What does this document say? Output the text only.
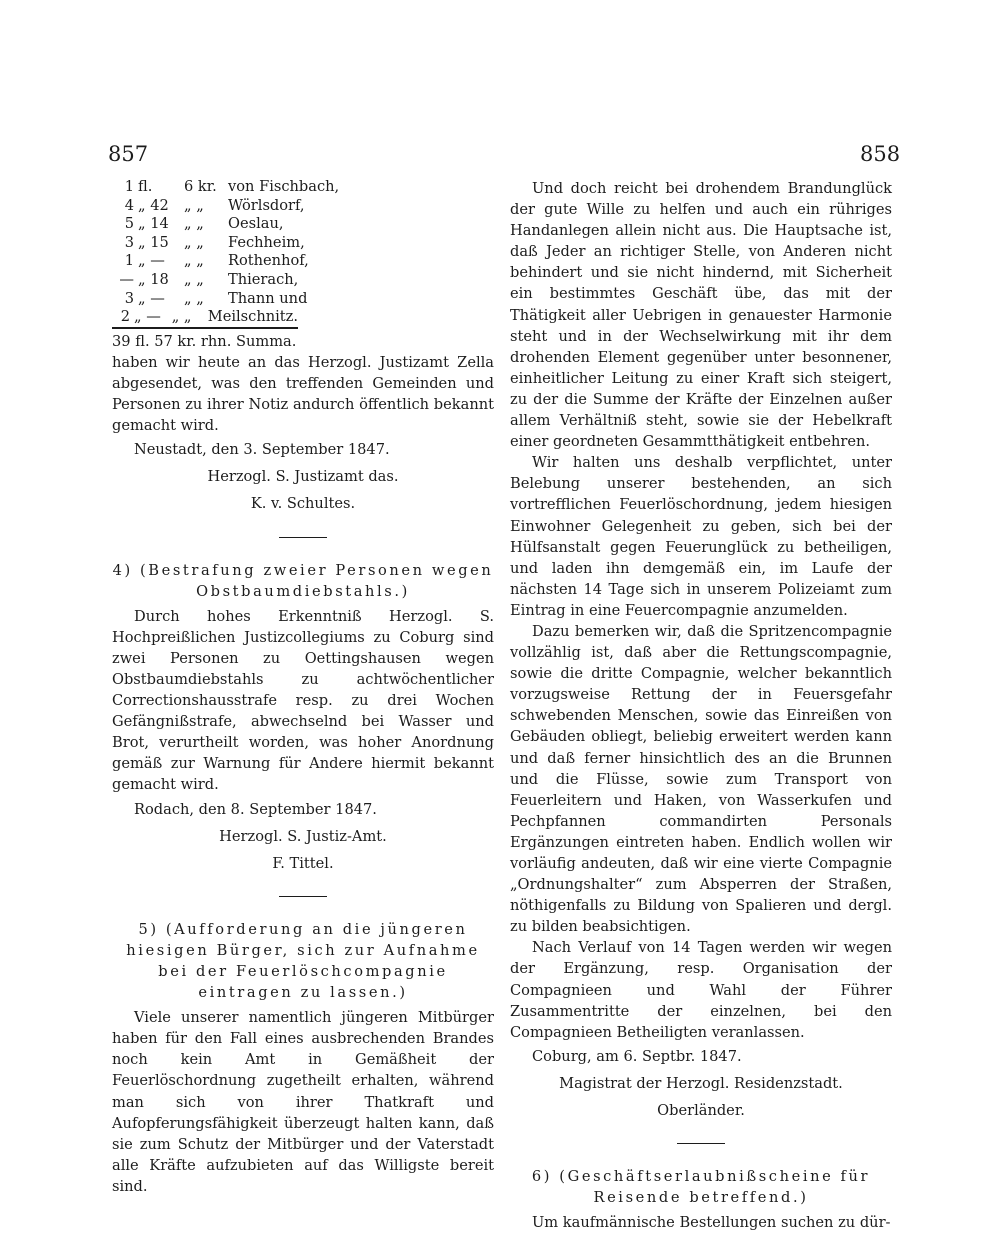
857	858
1 fl.	6 kr. von Fischbach,
4 „ 42	„ „	Wörlsdorf,
5 „ 14	„ „	Oeslau,
3 „ 15	„ „	Fechheim,
1 „ —	„ „	Rothenhof,
— „ 18	„ „	Thierach,
3 „ —	„ „	Thann und
2 „ — „ „	Meilschnitz.

39 fl. 57 kr. rhn. Summa.

haben wir heute an das Herzogl. Justizamt Zella abgesendet, was den treffenden Gemeinden und Personen zu ihrer Notiz andurch öffentlich bekannt gemacht wird.

Neustadt, den 3. September 1847.

Herzogl. S. Justizamt das.

K. v. Schultes.

4) (Bestrafung zweier Personen wegen Obstbaumdiebstahls.)

Durch hohes Erkenntniß Herzogl. S. Hochpreißlichen Justizcollegiums zu Coburg sind zwei Personen zu Oettingshausen wegen Obstbaumdiebstahls zu achtwöchentlicher Correctionshausstrafe resp. zu drei Wochen Gefängnißstrafe, abwechselnd bei Wasser und Brot, verurtheilt worden, was hoher Anordnung gemäß zur Warnung für Andere hiermit bekannt gemacht wird.

Rodach, den 8. September 1847.

Herzogl. S. Justiz-Amt.

F. Tittel.

5) (Aufforderung an die jüngeren hiesigen Bürger, sich zur Aufnahme bei der Feuerlöschcompagnie eintragen zu lassen.)

Viele unserer namentlich jüngeren Mitbürger haben für den Fall eines ausbrechenden Brandes noch kein Amt in Gemäßheit der Feuerlöschordnung zugetheilt erhalten, während man sich von ihrer Thatkraft und Aufopferungsfähigkeit überzeugt halten kann, daß sie zum Schutz der Mitbürger und der Vaterstadt alle Kräfte aufzubieten auf das Willigste bereit sind.

Und doch reicht bei drohendem Brandunglück der gute Wille zu helfen und auch ein rühriges Handanlegen allein nicht aus. Die Hauptsache ist, daß Jeder an richtiger Stelle, von Anderen nicht behindert und sie nicht hindernd, mit Sicherheit ein bestimmtes Geschäft übe, das mit der Thätigkeit aller Uebrigen in genauester Harmonie steht und in der Wechselwirkung mit ihr dem drohenden Element gegenüber unter besonnener, einheitlicher Leitung zu einer Kraft sich steigert, zu der die Summe der Kräfte der Einzelnen außer allem Verhältniß steht, sowie sie der Hebelkraft einer geordneten Gesammtthätigkeit entbehren.

Wir halten uns deshalb verpflichtet, unter Belebung unserer bestehenden, an sich vortrefflichen Feuerlöschordnung, jedem hiesigen Einwohner Gelegenheit zu geben, sich bei der Hülfsanstalt gegen Feuerunglück zu betheiligen, und laden ihn demgemäß ein, im Laufe der nächsten 14 Tage sich in unserem Polizeiamt zum Eintrag in eine Feuercompagnie anzumelden.

Dazu bemerken wir, daß die Spritzencompagnie vollzählig ist, daß aber die Rettungscompagnie, sowie die dritte Compagnie, welcher bekanntlich vorzugsweise Rettung der in Feuersgefahr schwebenden Menschen, sowie das Einreißen von Gebäuden obliegt, beliebig erweitert werden kann und daß ferner hinsichtlich des an die Brunnen und die Flüsse, sowie zum Transport von Feuerleitern und Haken, von Wasserkufen und Pechpfannen commandirten Personals Ergänzungen eintreten haben. Endlich wollen wir vorläufig andeuten, daß wir eine vierte Compagnie „Ordnungshalter“ zum Absperren der Straßen, nöthigenfalls zu Bildung von Spalieren und dergl. zu bilden beabsichtigen.

Nach Verlauf von 14 Tagen werden wir wegen der Ergänzung, resp. Organisation der Compagnieen und Wahl der Führer Zusammentritte der einzelnen, bei den Compagnieen Betheiligten veranlassen.

Coburg, am 6. Septbr. 1847.

Magistrat der Herzogl. Residenzstadt.

Oberländer.

6) (Geschäftserlaubnißscheine für Reisende betreffend.)

Um kaufmännische Bestellungen suchen zu dür-
